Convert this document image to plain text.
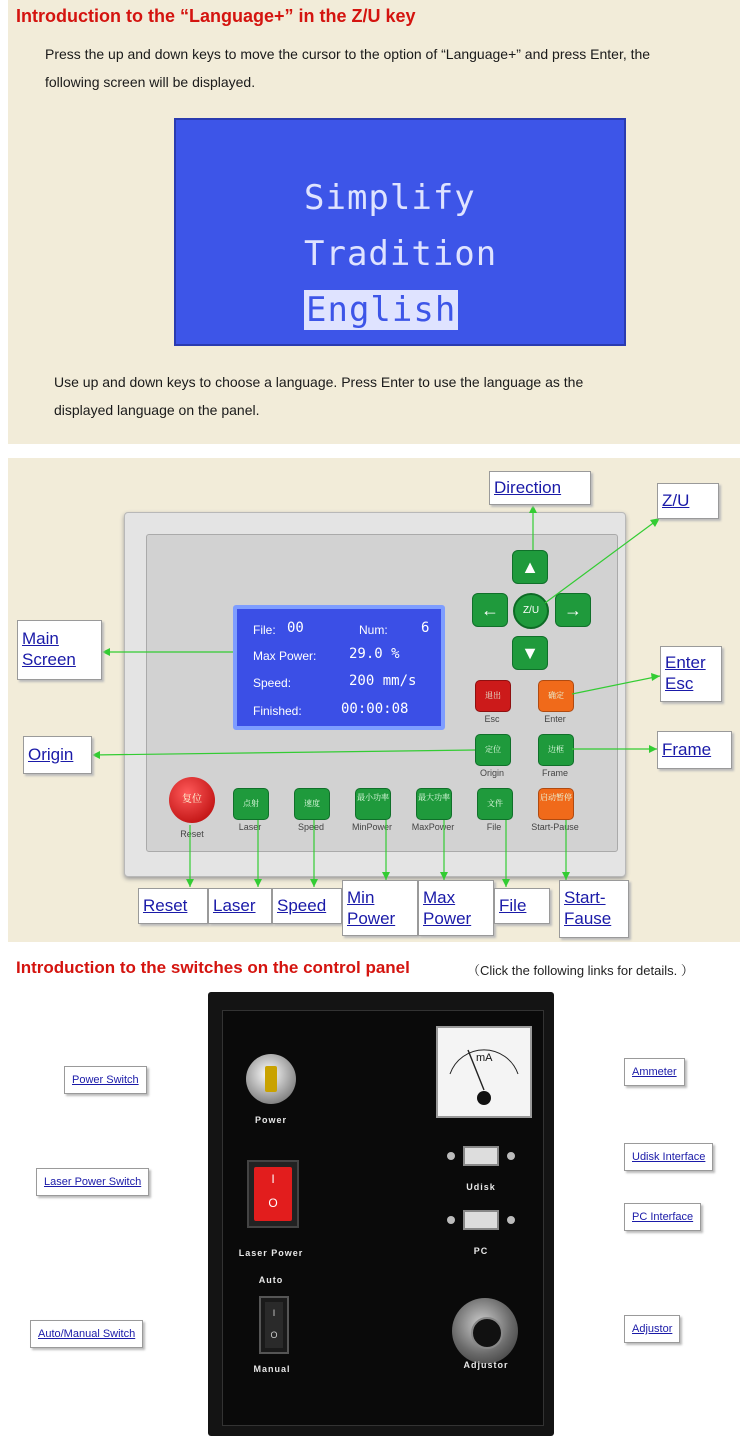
Introduction to the “Language+” in the Z/U key
Press the up and down keys to move the cursor to the option of “Language+” and press Enter, the
following screen will be displayed.
Simplify
Tradition
English
Use up and down keys to choose a language. Press Enter to use the language as the
displayed language on the panel.
File: 00	Num: 6
Max Power: 29.0 %
Speed:	200 mm/s
Finished:	00:00:08
▲
▼
←	→
Z/U
退出
Esc
确定
Enter
定位
Origin
边框
Frame
复位
Reset
点射
Laser
速度
Speed
最小功率
MinPower
最大功率
MaxPower
文件
File
启动暂停
Start-Pause
Direction
Z/U
Main
Screen	Enter
Esc
Origin	Frame
Reset	Laser	Speed	Min
Power
Max
Power
File	Start-
Fause
Introduction to the switches on the control panel	（Click the following links for details. ）
Power
I
O
Laser Power
Auto
I
O
Manual
mA
Udisk
PC
Adjustor
Power Switch
Laser Power Switch
Auto/Manual Switch
Ammeter
Udisk Interface
PC Interface
Adjustor
